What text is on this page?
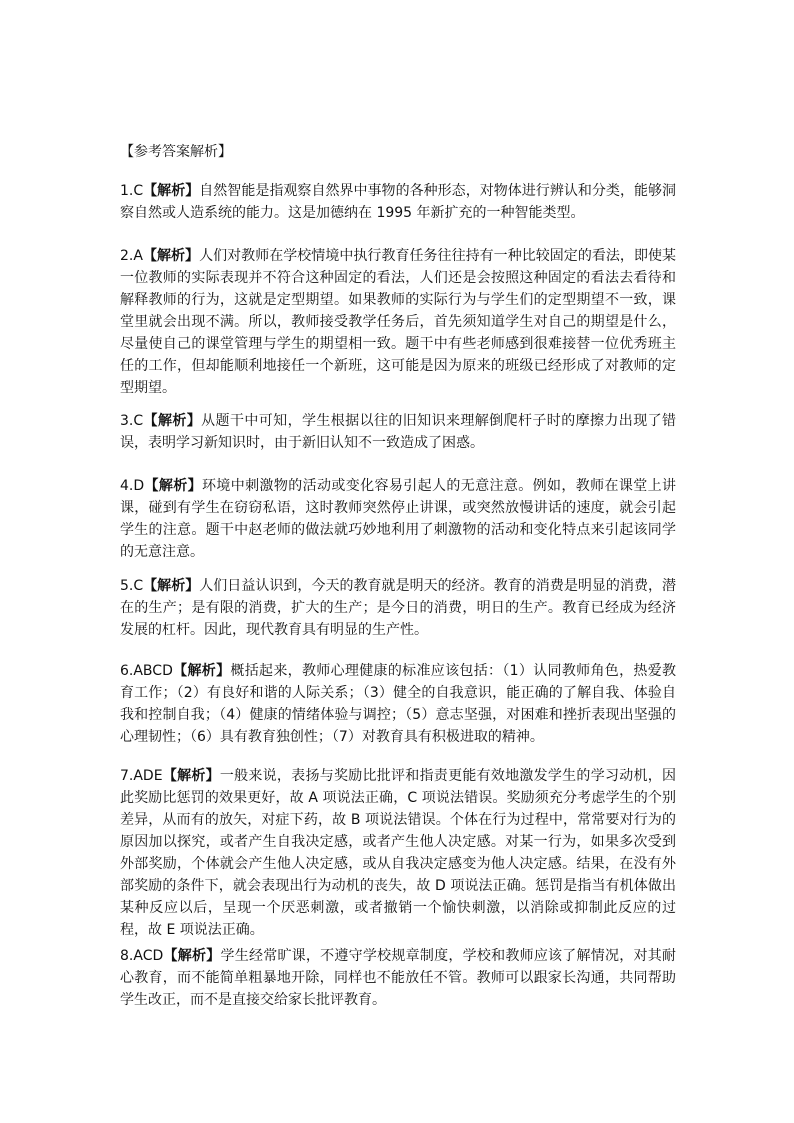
【参考答案解析】

1.C【解析】自然智能是指观察自然界中事物的各种形态，对物体进行辨认和分类，能够洞察自然或人造系统的能力。这是加德纳在 1995 年新扩充的一种智能类型。

2.A【解析】人们对教师在学校情境中执行教育任务往往持有一种比较固定的看法，即使某一位教师的实际表现并不符合这种固定的看法，人们还是会按照这种固定的看法去看待和解释教师的行为，这就是定型期望。如果教师的实际行为与学生们的定型期望不一致，课堂里就会出现不满。所以，教师接受教学任务后，首先须知道学生对自己的期望是什么，尽量使自己的课堂管理与学生的期望相一致。题干中有些老师感到很难接替一位优秀班主任的工作，但却能顺利地接任一个新班，这可能是因为原来的班级已经形成了对教师的定型期望。

3.C【解析】从题干中可知，学生根据以往的旧知识来理解倒爬杆子时的摩擦力出现了错误，表明学习新知识时，由于新旧认知不一致造成了困惑。

4.D【解析】环境中刺激物的活动或变化容易引起人的无意注意。例如，教师在课堂上讲课，碰到有学生在窃窃私语，这时教师突然停止讲课，或突然放慢讲话的速度，就会引起学生的注意。题干中赵老师的做法就巧妙地利用了刺激物的活动和变化特点来引起该同学的无意注意。

5.C【解析】人们日益认识到，今天的教育就是明天的经济。教育的消费是明显的消费，潜在的生产；是有限的消费，扩大的生产；是今日的消费，明日的生产。教育已经成为经济发展的杠杆。因此，现代教育具有明显的生产性。

6.ABCD【解析】概括起来，教师心理健康的标准应该包括：（1）认同教师角色，热爱教育工作；（2）有良好和谐的人际关系；（3）健全的自我意识，能正确的了解自我、体验自我和控制自我；（4）健康的情绪体验与调控；（5）意志坚强，对困难和挫折表现出坚强的心理韧性；（6）具有教育独创性；（7）对教育具有积极进取的精神。

7.ADE【解析】一般来说，表扬与奖励比批评和指责更能有效地激发学生的学习动机，因此奖励比惩罚的效果更好，故 A 项说法正确，C 项说法错误。奖励须充分考虑学生的个别差异，从而有的放矢，对症下药，故 B 项说法错误。个体在行为过程中，常常要对行为的原因加以探究，或者产生自我决定感，或者产生他人决定感。对某一行为，如果多次受到外部奖励，个体就会产生他人决定感，或从自我决定感变为他人决定感。结果，在没有外部奖励的条件下，就会表现出行为动机的丧失，故 D 项说法正确。惩罚是指当有机体做出某种反应以后，呈现一个厌恶刺激，或者撤销一个愉快刺激，以消除或抑制此反应的过程，故 E 项说法正确。

8.ACD【解析】学生经常旷课，不遵守学校规章制度，学校和教师应该了解情况，对其耐心教育，而不能简单粗暴地开除，同样也不能放任不管。教师可以跟家长沟通，共同帮助学生改正，而不是直接交给家长批评教育。
